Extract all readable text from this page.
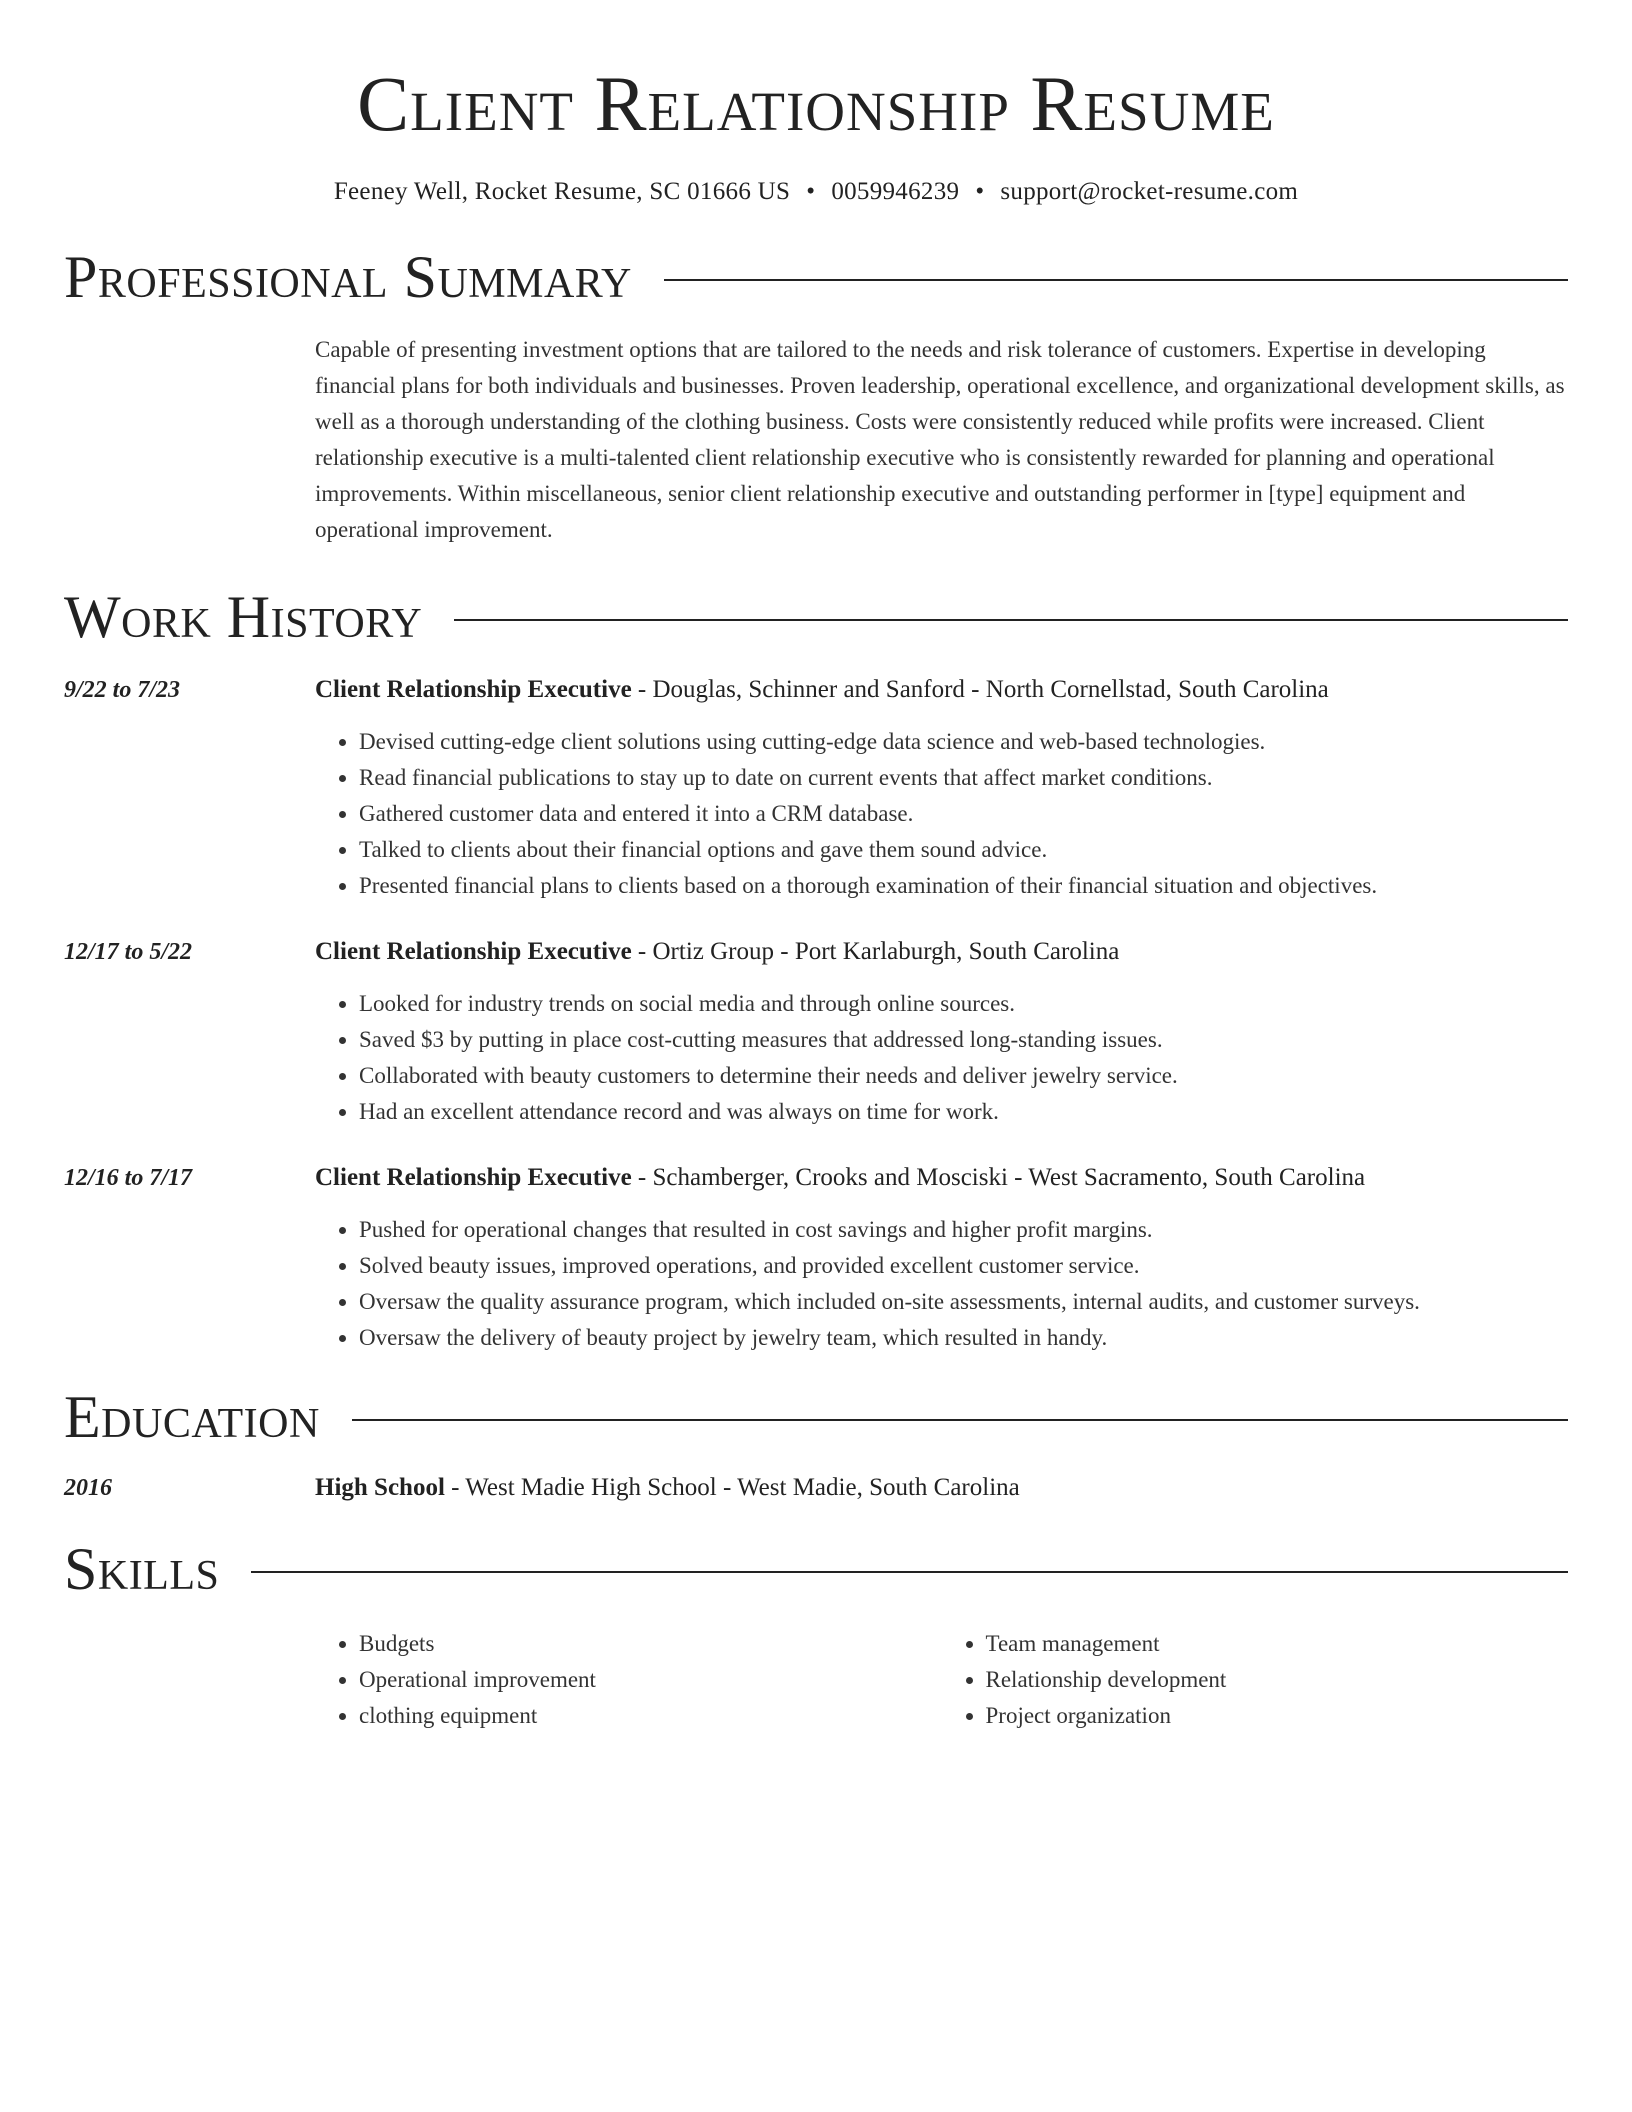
Client Relationship Resume
Feeney Well, Rocket Resume, SC 01666 US • 0059946239 • support@rocket-resume.com
Professional Summary
Capable of presenting investment options that are tailored to the needs and risk tolerance of customers. Expertise in developing financial plans for both individuals and businesses. Proven leadership, operational excellence, and organizational development skills, as well as a thorough understanding of the clothing business. Costs were consistently reduced while profits were increased. Client relationship executive is a multi-talented client relationship executive who is consistently rewarded for planning and operational improvements. Within miscellaneous, senior client relationship executive and outstanding performer in [type] equipment and operational improvement.
Work History
9/22 to 7/23	Client Relationship Executive - Douglas, Schinner and Sanford - North Cornellstad, South Carolina
• Devised cutting-edge client solutions using cutting-edge data science and web-based technologies.
• Read financial publications to stay up to date on current events that affect market conditions.
• Gathered customer data and entered it into a CRM database.
• Talked to clients about their financial options and gave them sound advice.
• Presented financial plans to clients based on a thorough examination of their financial situation and objectives.
12/17 to 5/22	Client Relationship Executive - Ortiz Group - Port Karlaburgh, South Carolina
• Looked for industry trends on social media and through online sources.
• Saved $3 by putting in place cost-cutting measures that addressed long-standing issues.
• Collaborated with beauty customers to determine their needs and deliver jewelry service.
• Had an excellent attendance record and was always on time for work.
12/16 to 7/17	Client Relationship Executive - Schamberger, Crooks and Mosciski - West Sacramento, South Carolina
• Pushed for operational changes that resulted in cost savings and higher profit margins.
• Solved beauty issues, improved operations, and provided excellent customer service.
• Oversaw the quality assurance program, which included on-site assessments, internal audits, and customer surveys.
• Oversaw the delivery of beauty project by jewelry team, which resulted in handy.
Education
2016	High School - West Madie High School - West Madie, South Carolina
Skills
• Budgets
• Operational improvement
• clothing equipment
• Team management
• Relationship development
• Project organization
